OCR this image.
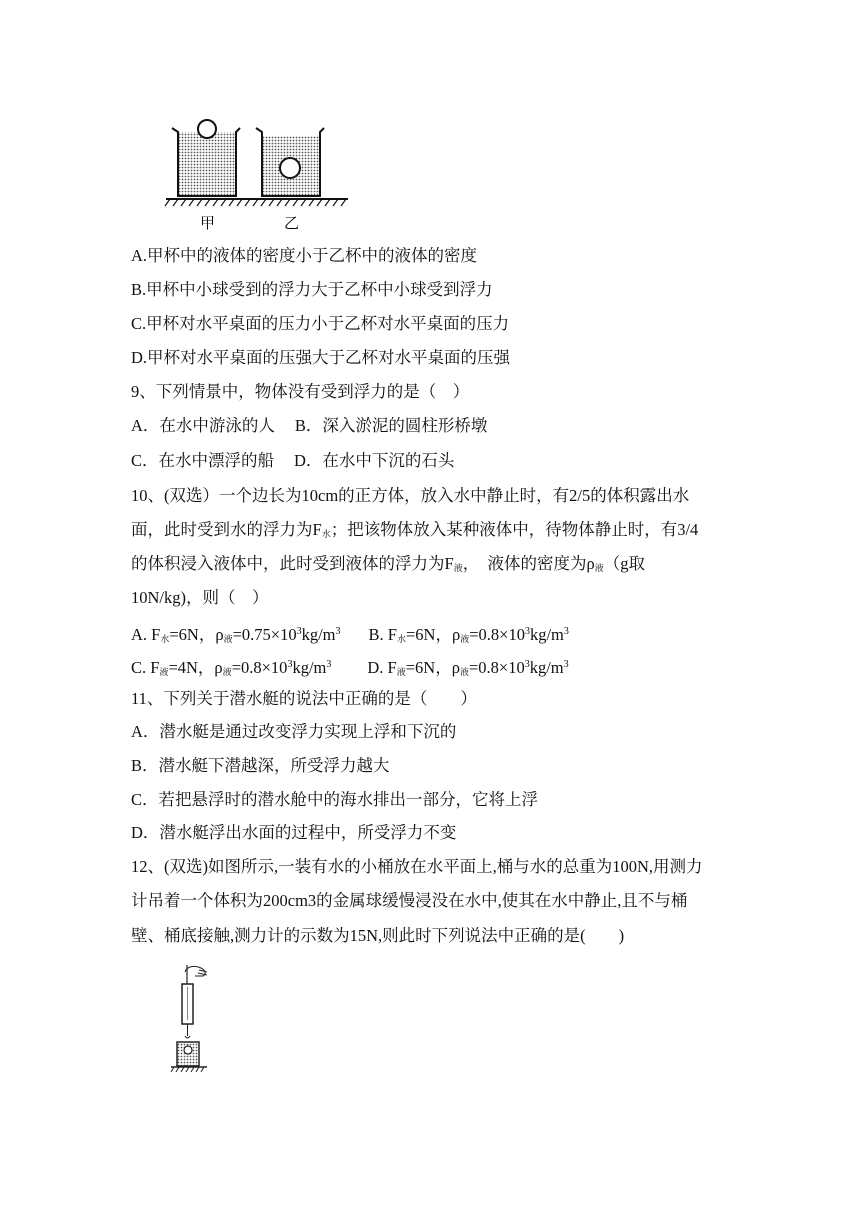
甲	乙
A.甲杯中的液体的密度小于乙杯中的液体的密度
B.甲杯中小球受到的浮力大于乙杯中小球受到浮力
C.甲杯对水平桌面的压力小于乙杯对水平桌面的压力
D.甲杯对水平桌面的压强大于乙杯对水平桌面的压强
9、下列情景中，物体没有受到浮力的是（　）
A．在水中游泳的人 B．深入淤泥的圆柱形桥墩
C．在水中漂浮的船 D．在水中下沉的石头
10、(双选）一个边长为10cm的正方体，放入水中静止时，有2/5的体积露出水
面，此时受到水的浮力为$F_水$；把该物体放入某种液体中，待物体静止时，有3/4
的体积浸入液体中，此时受到液体的浮力为$F_液$，　液体的密度为$\rho_液(g$取
10N/kg)，则（　）
A. $F_水=6N$，$\rho_液=0.75\times 10^3kg/m^3$ B. $F_水=6N$，$\rho_液=0.8\times 10^3kg/m^3$
C. $F_液=4N$，$\rho_液=0.8\times 10^3kg/m^3$ D. $F_液=6N$，$\rho_液=0.8\times 10^3kg/m^3$
11、下列关于潜水艇的说法中正确的是（　　）
A．潜水艇是通过改变浮力实现上浮和下沉的
B．潜水艇下潜越深，所受浮力越大
C．若把悬浮时的潜水舱中的海水排出一部分，它将上浮
D．潜水艇浮出水面的过程中，所受浮力不变
12、(双选)如图所示,一装有水的小桶放在水平面上,桶与水的总重为100N,用测力
计吊着一个体积为200cm3的金属球缓慢浸没在水中,使其在水中静止,且不与桶
壁、桶底接触,测力计的示数为15N,则此时下列说法中正确的是(　　)
